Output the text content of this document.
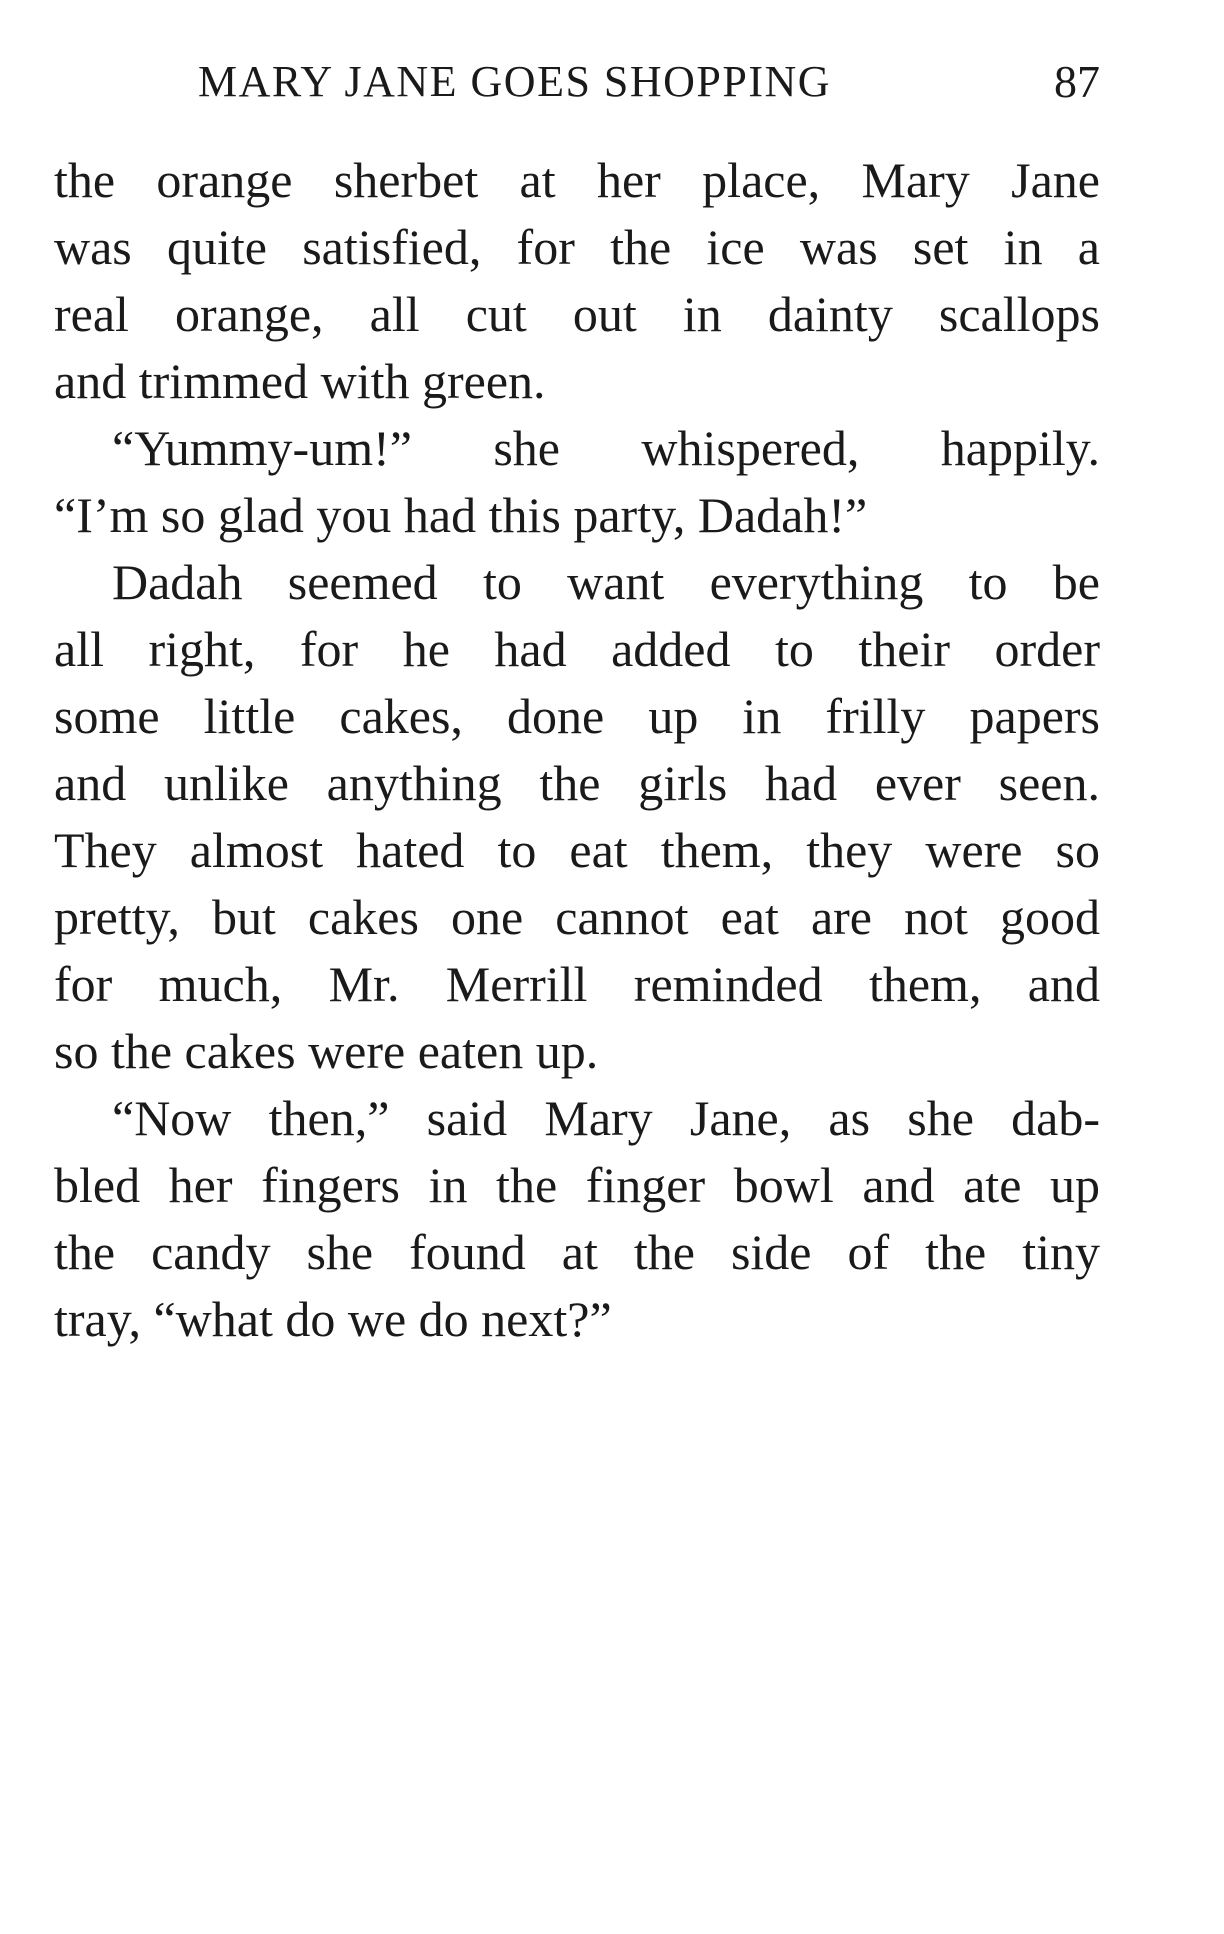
MARY JANE GOES SHOPPING	87
the orange sherbet at her place, Mary Jane
was quite satisfied, for the ice was set in a
real orange, all cut out in dainty scallops
and trimmed with green.
“Yummy-um!” she whispered, happily.
“I’m so glad you had this party, Dadah!”
Dadah seemed to want everything to be
all right, for he had added to their order
some little cakes, done up in frilly papers
and unlike anything the girls had ever seen.
They almost hated to eat them, they were so
pretty, but cakes one cannot eat are not good
for much, Mr. Merrill reminded them, and
so the cakes were eaten up.
“Now then,” said Mary Jane, as she dab-
bled her fingers in the finger bowl and ate up
the candy she found at the side of the tiny
tray, “what do we do next?”
